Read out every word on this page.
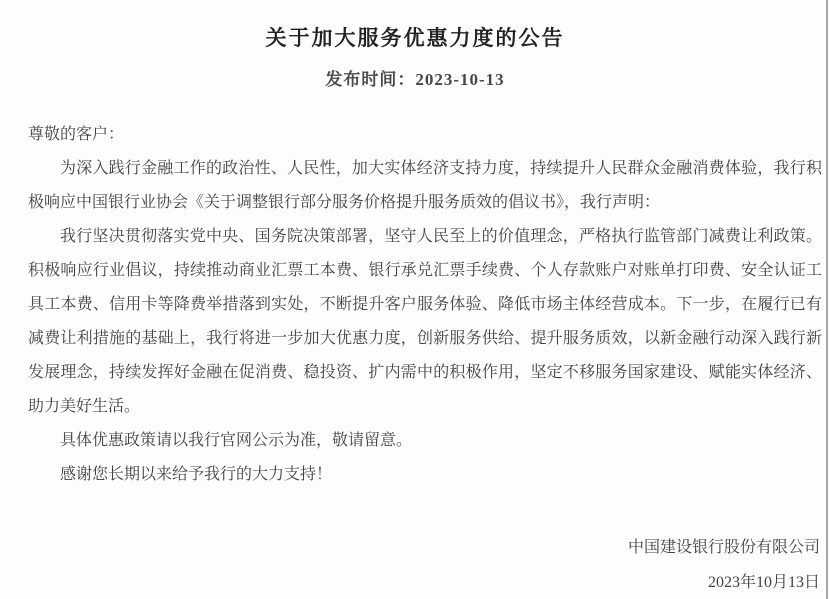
关于加大服务优惠力度的公告
发布时间：2023-10-13

尊敬的客户：

为深入践行金融工作的政治性、人民性，加大实体经济支持力度，持续提升人民群众金融消费体验，我行积极响应中国银行业协会《关于调整银行部分服务价格提升服务质效的倡议书》，我行声明：

我行坚决贯彻落实党中央、国务院决策部署，坚守人民至上的价值理念，严格执行监管部门减费让利政策。积极响应行业倡议，持续推动商业汇票工本费、银行承兑汇票手续费、个人存款账户对账单打印费、安全认证工具工本费、信用卡等降费举措落到实处，不断提升客户服务体验、降低市场主体经营成本。下一步，在履行已有减费让利措施的基础上，我行将进一步加大优惠力度，创新服务供给、提升服务质效，以新金融行动深入践行新发展理念，持续发挥好金融在促消费、稳投资、扩内需中的积极作用，坚定不移服务国家建设、赋能实体经济、助力美好生活。

具体优惠政策请以我行官网公示为准，敬请留意。

感谢您长期以来给予我行的大力支持！

中国建设银行股份有限公司
2023年10月13日
